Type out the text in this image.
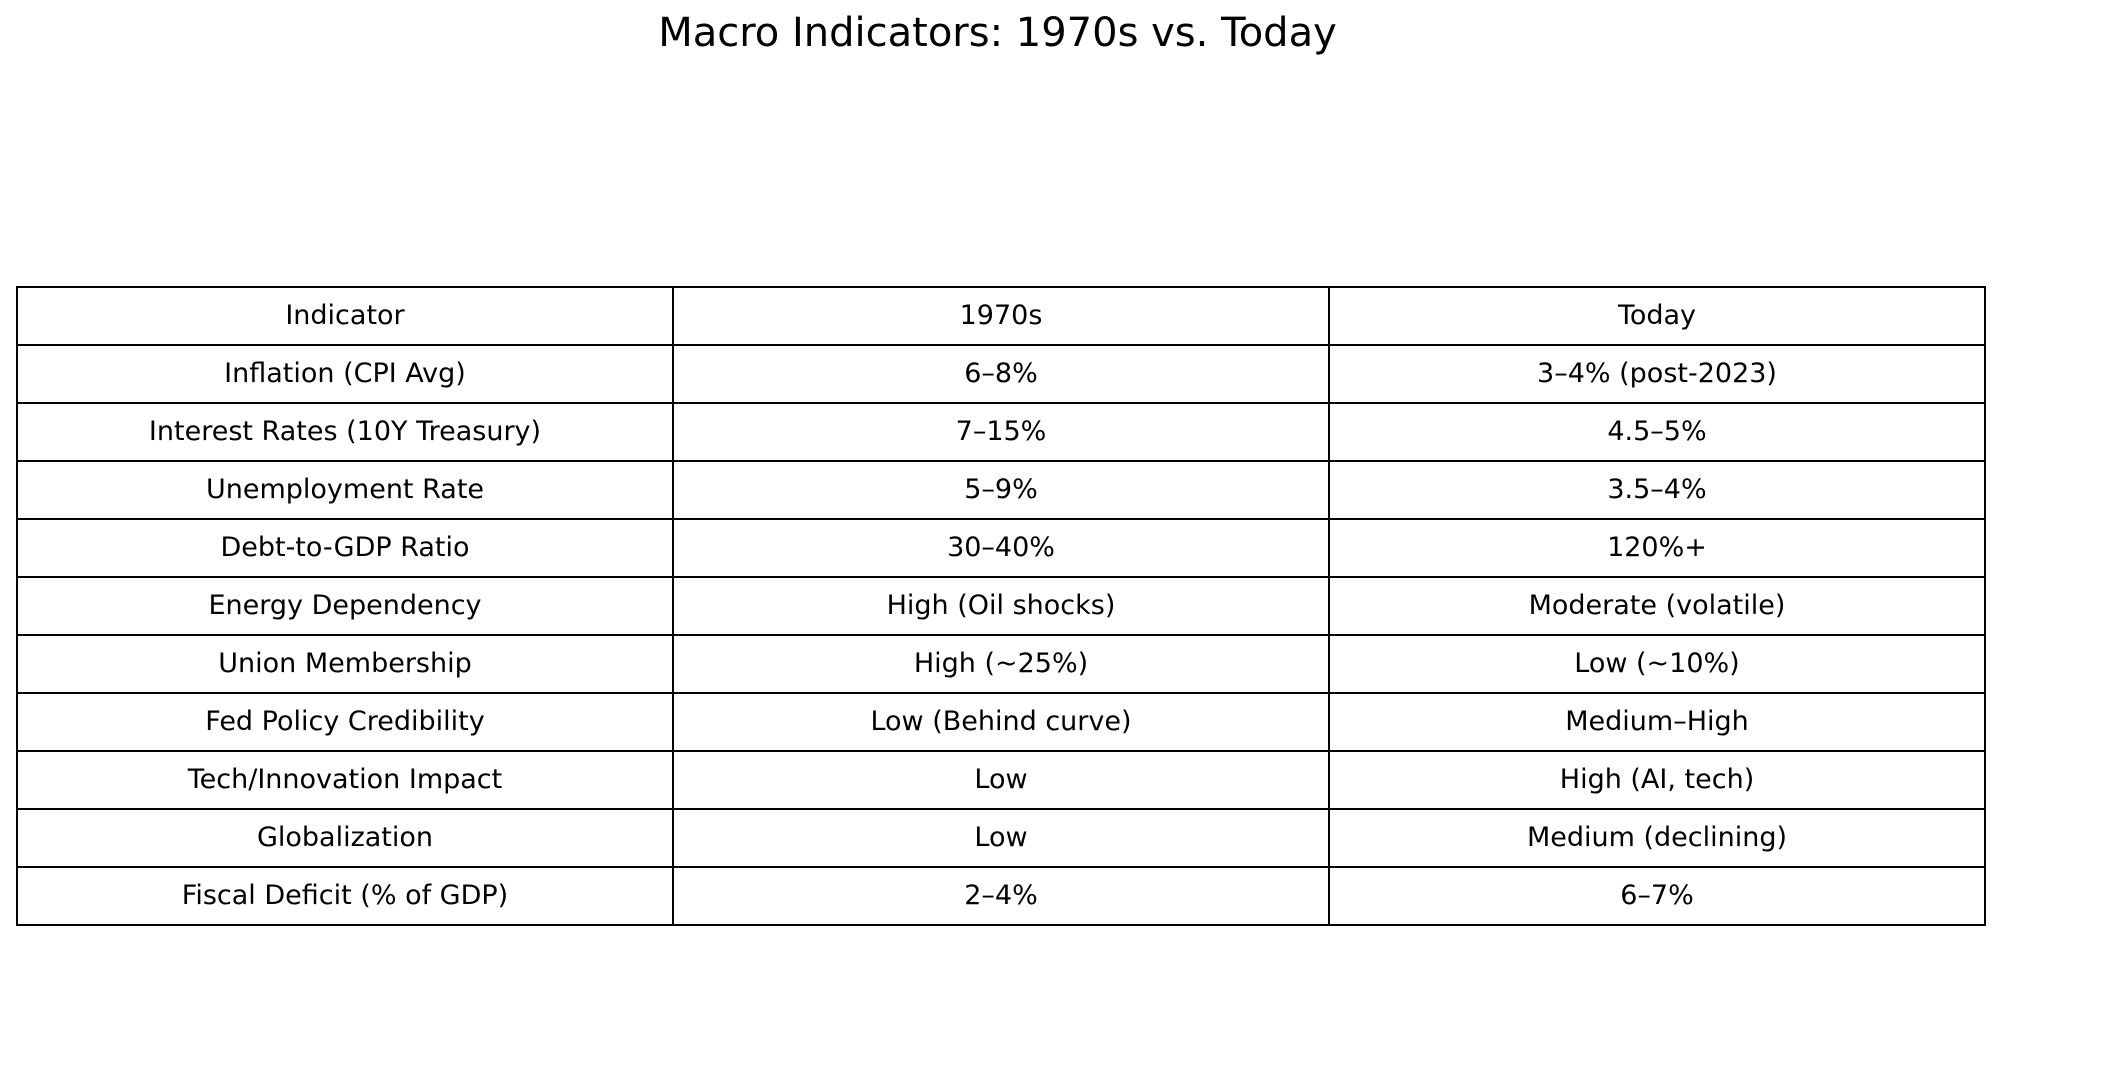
Macro Indicators: 1970s vs. Today
Indicator	1970s	Today
Inflation (CPI Avg)	6–8%	3–4% (post-2023)
Interest Rates (10Y Treasury)	7–15%	4.5–5%
Unemployment Rate	5–9%	3.5–4%
Debt-to-GDP Ratio	30–40%	120%+
Energy Dependency	High (Oil shocks)	Moderate (volatile)
Union Membership	High (~25%)	Low (~10%)
Fed Policy Credibility	Low (Behind curve)	Medium–High
Tech/Innovation Impact	Low	High (AI, tech)
Globalization	Low	Medium (declining)
Fiscal Deficit (% of GDP)	2–4%	6–7%
